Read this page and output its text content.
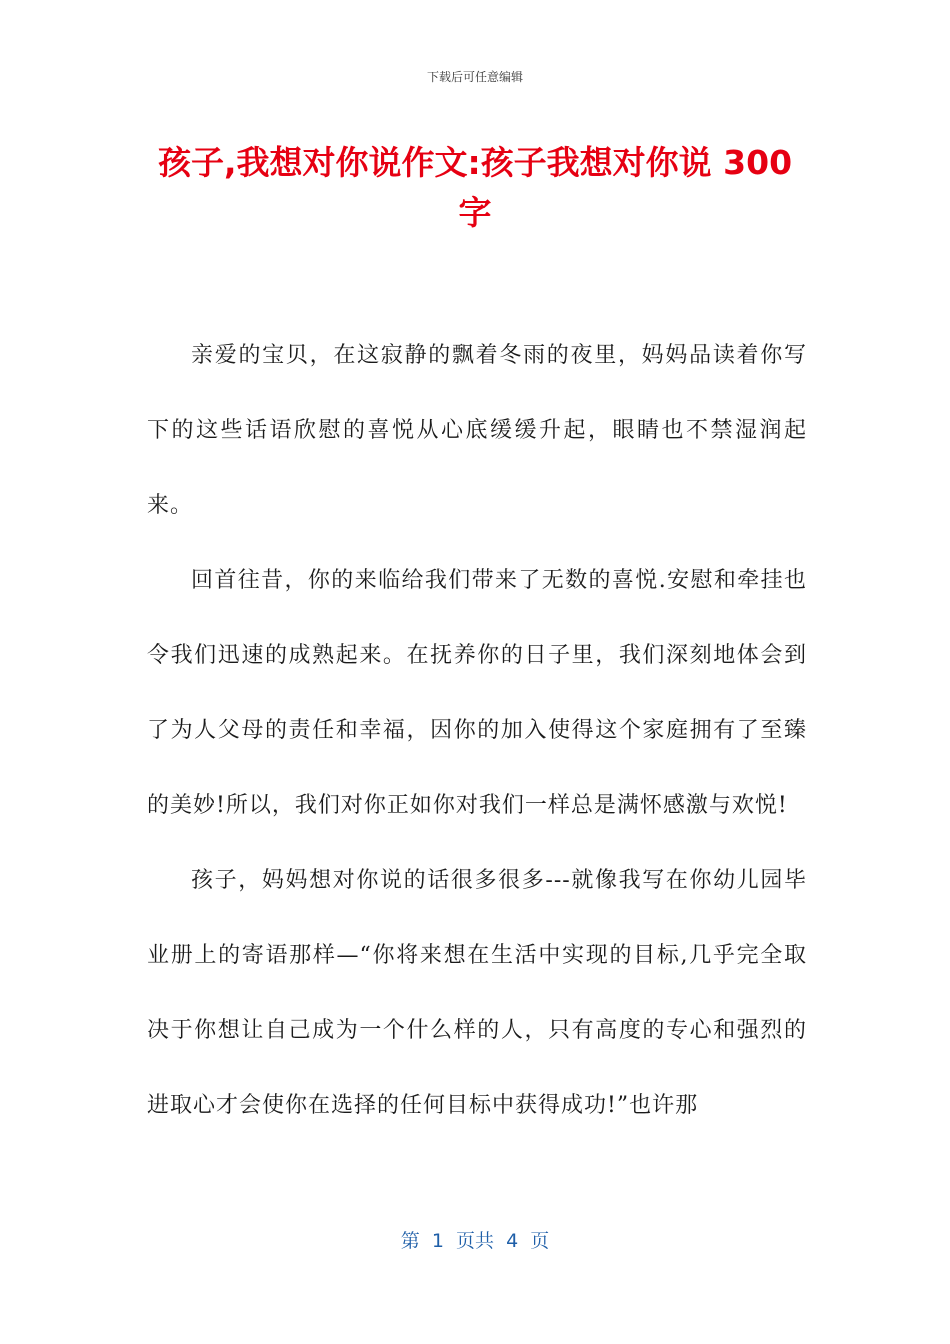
下载后可任意编辑
孩子,我想对你说作文:孩子我想对你说 300 字

亲爱的宝贝，在这寂静的飘着冬雨的夜里，妈妈品读着你写下的这些话语欣慰的喜悦从心底缓缓升起，眼睛也不禁湿润起来。

回首往昔，你的来临给我们带来了无数的喜悦.安慰和牵挂也令我们迅速的成熟起来。在抚养你的日子里，我们深刻地体会到了为人父母的责任和幸福，因你的加入使得这个家庭拥有了至臻的美妙!所以，我们对你正如你对我们一样总是满怀感激与欢悦!

孩子，妈妈想对你说的话很多很多---就像我写在你幼儿园毕业册上的寄语那样—“你将来想在生活中实现的目标,几乎完全取决于你想让自己成为一个什么样的人，只有高度的专心和强烈的进取心才会使你在选择的任何目标中获得成功!”也许那

第  1  页共  4  页
